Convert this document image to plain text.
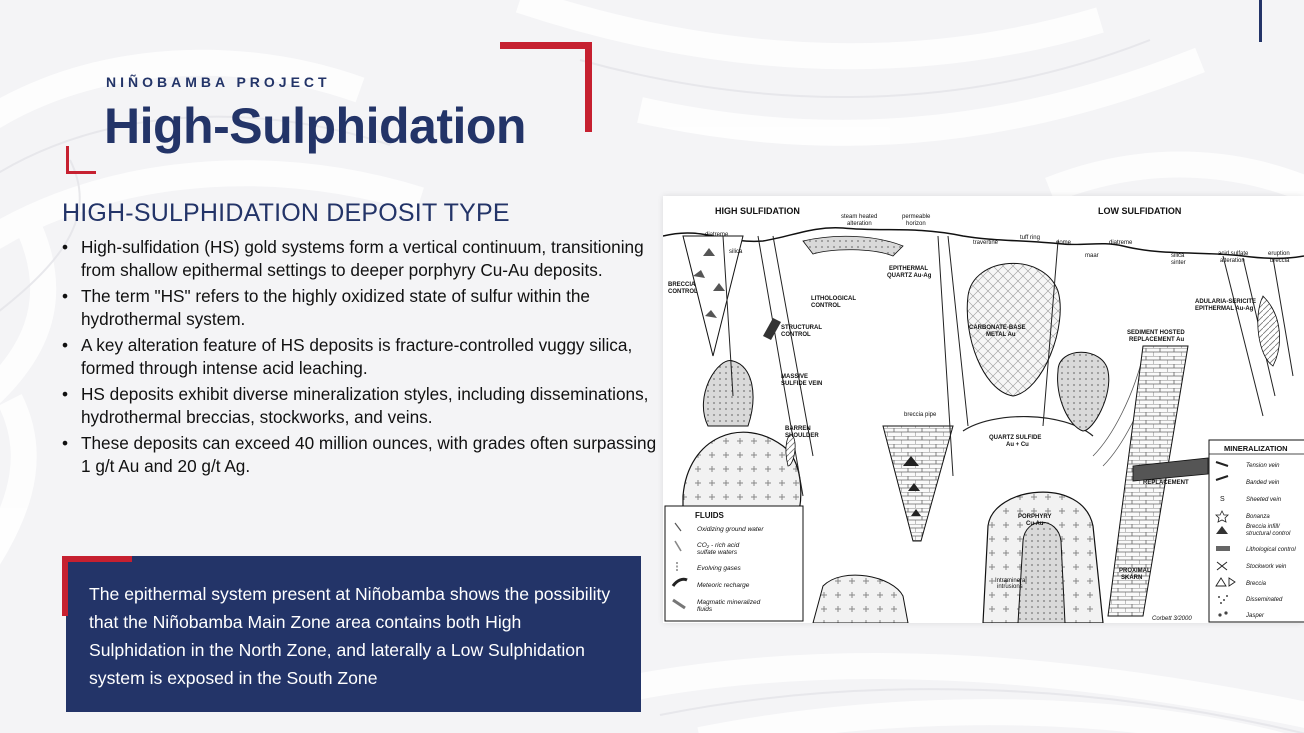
NIÑOBAMBA PROJECT
High-Sulphidation
HIGH-SULPHIDATION DEPOSIT TYPE
• High-sulfidation (HS) gold systems form a vertical continuum, transitioning from shallow epithermal settings to deeper porphyry Cu-Au deposits.
• The term "HS" refers to the highly oxidized state of sulfur within the hydrothermal system.
• A key alteration feature of HS deposits is fracture-controlled vuggy silica, formed through intense acid leaching.
• HS deposits exhibit diverse mineralization styles, including disseminations, hydrothermal breccias, stockworks, and veins.
• These deposits can exceed 40 million ounces, with grades often surpassing 1 g/t Au and 20 g/t Ag.

The epithermal system present at Niñobamba shows the possibility that the Niñobamba Main Zone area contains both High Sulphidation in the North Zone, and laterally a Low Sulphidation system is exposed in the South Zone

HIGH SULFIDATION	LOW SULFIDATION
diatreme
silica
steam heated
alteration
permeable
horizon
BRECCIA
CONTROL
LITHOLOGICAL
CONTROL
STRUCTURAL
CONTROL
MASSIVE
SULFIDE VEIN
BARREN
SHOULDER
EPITHERMAL
QUARTZ Au-Ag
breccia pipe
travertine
tuff ring
dome
maar
diatreme
CARBONATE-BASE
METAL Au
QUARTZ SULFIDE
Au + Cu
PORPHYRY
Cu Au
Intramineral
intrusions
silica
sinter
acid sulfate
alteration
eruption
breccia
ADULARIA-SERICITE
EPITHERMAL Au-Ag
SEDIMENT HOSTED
REPLACEMENT Au
REPLACEMENT
PROXIMAL
SKARN
Corbett 3/2000
FLUIDS
Oxidizing ground water
CO₂ - rich acid
sulfate waters
Evolving gases
Meteoric recharge
Magmatic mineralized
fluids
MINERALIZATION
Tension vein
Banded vein
S	Sheeted vein
Bonanza
Breccia infill/
structural control
Lithological control
Stockwork vein
Breccia
Disseminated
Jasper
